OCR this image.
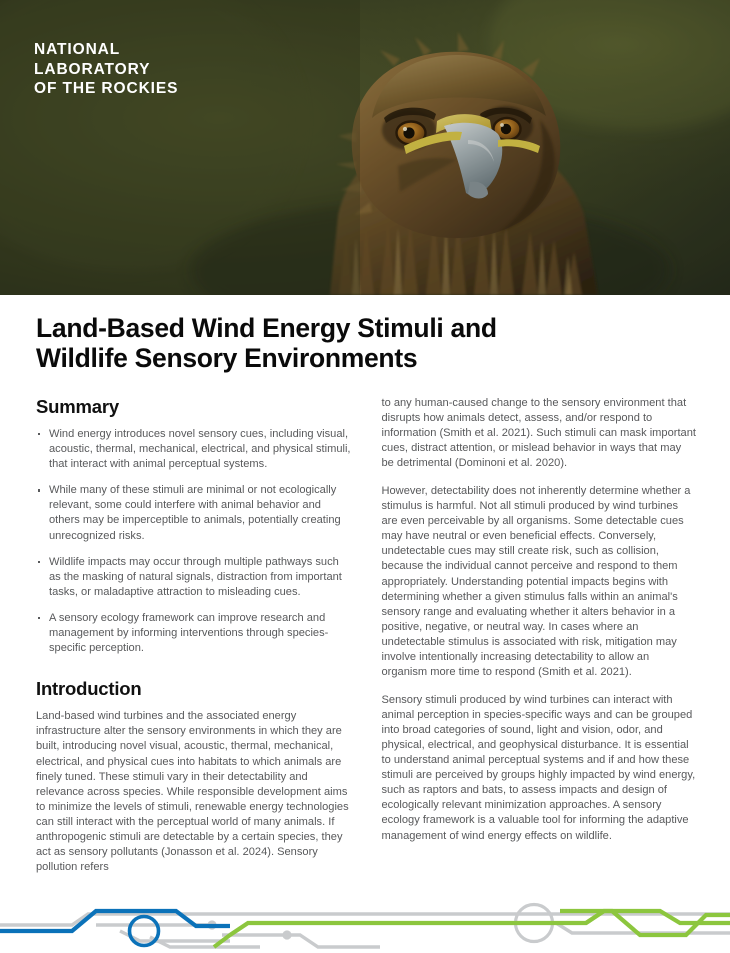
NATIONAL
LABORATORY
OF THE ROCKIES
Land-Based Wind Energy Stimuli and
Wildlife Sensory Environments
Summary
Wind energy introduces novel sensory cues, including visual, acoustic, thermal, mechanical, electrical, and physical stimuli, that interact with animal perceptual systems.
While many of these stimuli are minimal or not ecologically relevant, some could interfere with animal behavior and others may be imperceptible to animals, potentially creating unrecognized risks.
Wildlife impacts may occur through multiple pathways such as the masking of natural signals, distraction from important tasks, or maladaptive attraction to misleading cues.
A sensory ecology framework can improve research and management by informing interventions through species-specific perception.
Introduction

Land-based wind turbines and the associated energy infrastructure alter the sensory environments in which they are built, introducing novel visual, acoustic, thermal, mechanical, electrical, and physical cues into habitats to which animals are finely tuned. These stimuli vary in their detectability and relevance across species. While responsible development aims to minimize the levels of stimuli, renewable energy technologies can still interact with the perceptual world of many animals. If anthropogenic stimuli are detectable by a certain species, they act as sensory pollutants (Jonasson et al. 2024). Sensory pollution refers

to any human-caused change to the sensory environment that disrupts how animals detect, assess, and/or respond to information (Smith et al. 2021). Such stimuli can mask important cues, distract attention, or mislead behavior in ways that may be detrimental (Dominoni et al. 2020).

However, detectability does not inherently determine whether a stimulus is harmful. Not all stimuli produced by wind turbines are even perceivable by all organisms. Some detectable cues may have neutral or even beneficial effects. Conversely, undetectable cues may still create risk, such as collision, because the individual cannot perceive and respond to them appropriately. Understanding potential impacts begins with determining whether a given stimulus falls within an animal's sensory range and evaluating whether it alters behavior in a positive, negative, or neutral way. In cases where an undetectable stimulus is associated with risk, mitigation may involve intentionally increasing detectability to allow an organism more time to respond (Smith et al. 2021).

Sensory stimuli produced by wind turbines can interact with animal perception in species-specific ways and can be grouped into broad categories of sound, light and vision, odor, and physical, electrical, and geophysical disturbance. It is essential to understand animal perceptual systems and if and how these stimuli are perceived by groups highly impacted by wind energy, such as raptors and bats, to assess impacts and design of ecologically relevant minimization approaches. A sensory ecology framework is a valuable tool for informing the adaptive management of wind energy effects on wildlife.
